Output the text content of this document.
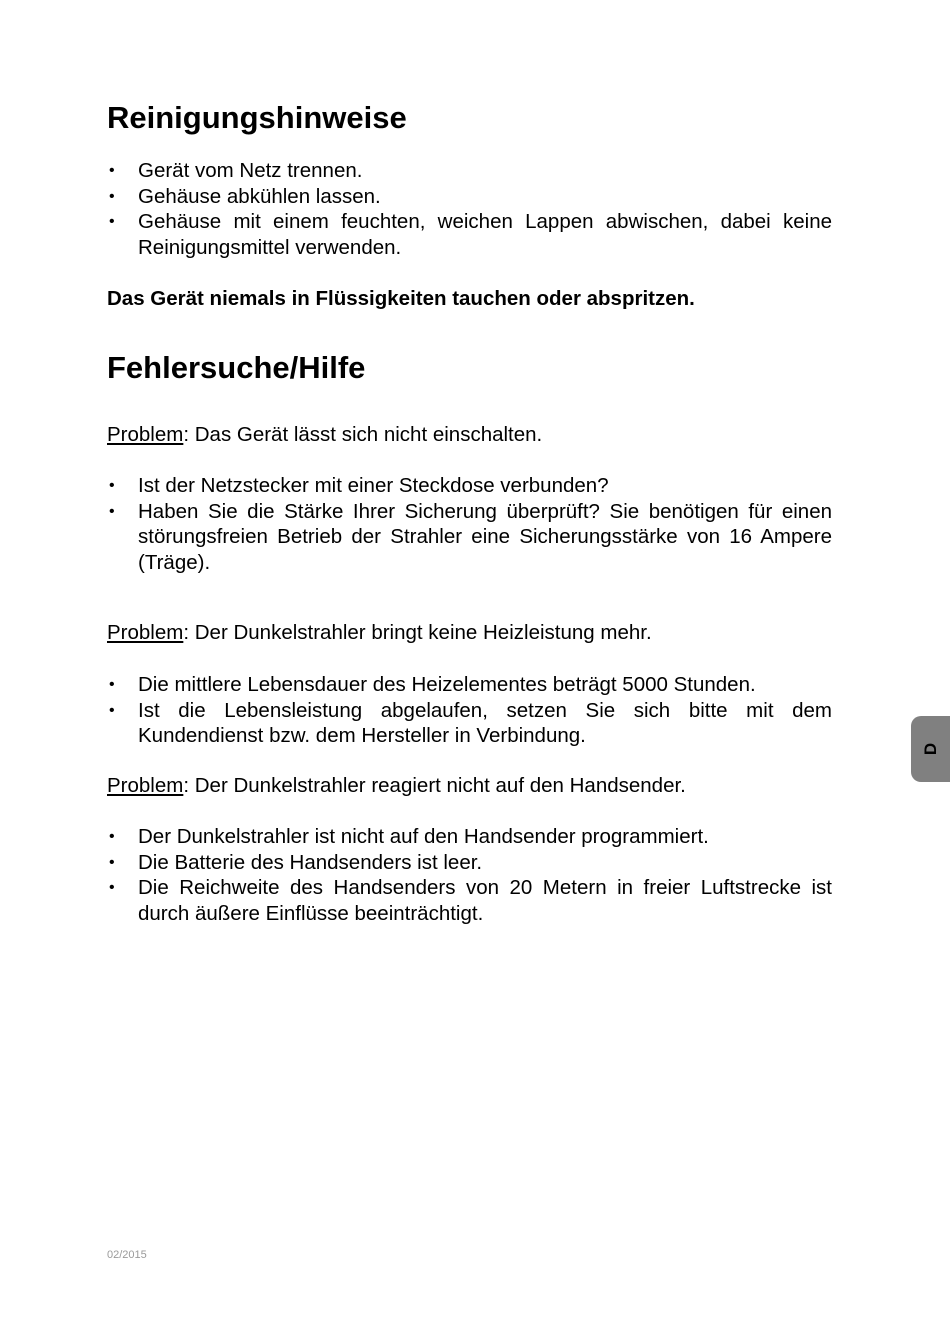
Reinigungshinweise
• Gerät vom Netz trennen.
• Gehäuse abkühlen lassen.
• Gehäuse mit einem feuchten, weichen Lappen abwischen, dabei keine Reinigungsmittel verwenden.

Das Gerät niemals in Flüssigkeiten tauchen oder abspritzen.

Fehlersuche/Hilfe

Problem: Das Gerät lässt sich nicht einschalten.

• Ist der Netzstecker mit einer Steckdose verbunden?
• Haben Sie die Stärke Ihrer Sicherung überprüft? Sie benötigen für einen störungsfreien Betrieb der Strahler eine Sicherungsstärke von 16 Ampere (Träge).

Problem: Der Dunkelstrahler bringt keine Heizleistung mehr.

• Die mittlere Lebensdauer des Heizelementes beträgt 5000 Stunden.
• Ist die Lebensleistung abgelaufen, setzen Sie sich bitte mit dem Kundendienst bzw. dem Hersteller in Verbindung.

Problem: Der Dunkelstrahler reagiert nicht auf den Handsender.

• Der Dunkelstrahler ist nicht auf den Handsender programmiert.
• Die Batterie des Handsenders ist leer.
• Die Reichweite des Handsenders von 20 Metern in freier Luftstrecke ist durch äußere Einflüsse beeinträchtigt.
D
02/2015
